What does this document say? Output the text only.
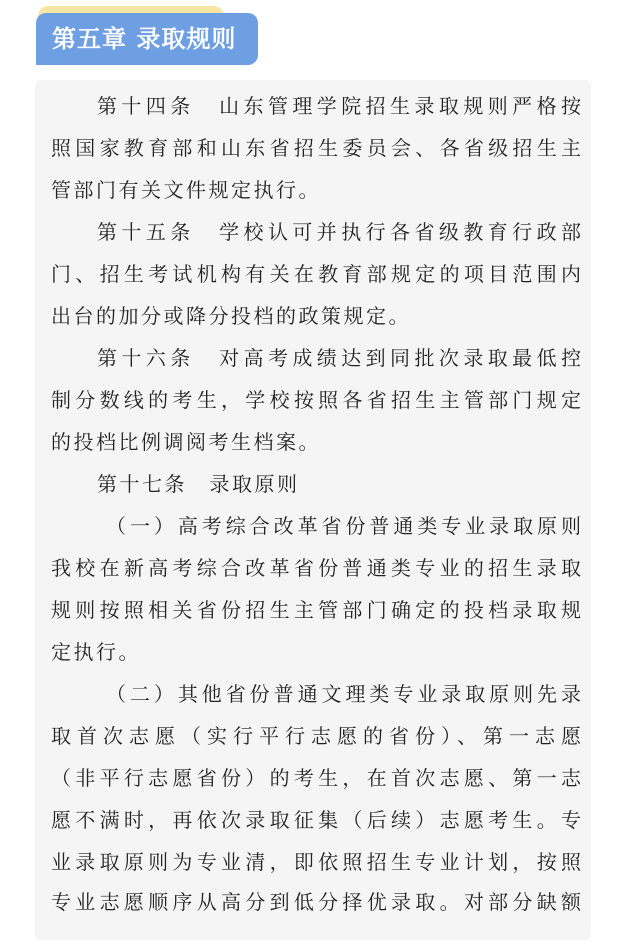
第五章 录取规则
第十四条　山东管理学院招生录取规则严格按
照国家教育部和山东省招生委员会、各省级招生主
管部门有关文件规定执行。
第十五条　学校认可并执行各省级教育行政部
门、招生考试机构有关在教育部规定的项目范围内
出台的加分或降分投档的政策规定。
第十六条　对高考成绩达到同批次录取最低控
制分数线的考生，学校按照各省招生主管部门规定
的投档比例调阅考生档案。
第十七条　录取原则
（一）高考综合改革省份普通类专业录取原则
我校在新高考综合改革省份普通类专业的招生录取
规则按照相关省份招生主管部门确定的投档录取规
定执行。
（二）其他省份普通文理类专业录取原则先录
取首次志愿（实行平行志愿的省份）、第一志愿
（非平行志愿省份）的考生，在首次志愿、第一志
愿不满时，再依次录取征集（后续）志愿考生。专
业录取原则为专业清，即依照招生专业计划，按照
专业志愿顺序从高分到低分择优录取。对部分缺额
